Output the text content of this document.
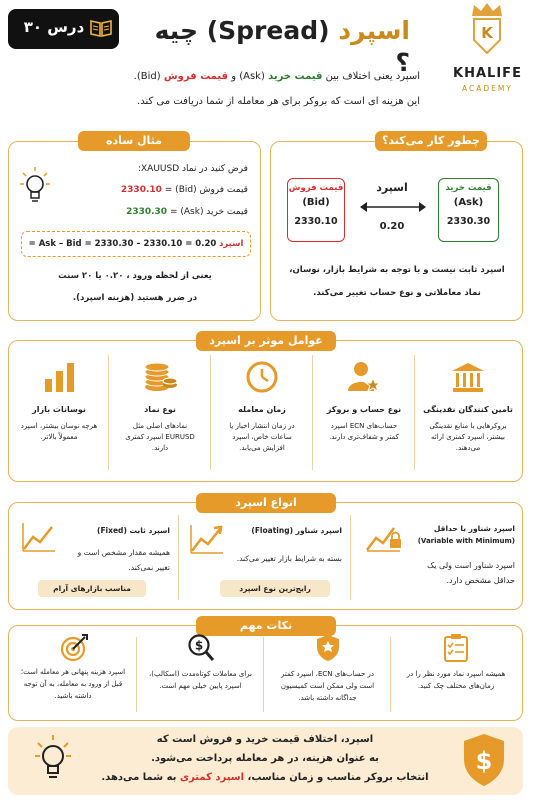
درس ۳۰	اسپرد (Spread) چیه ؟
K
KHALIFE
ACADEMY
اسپرد یعنی اختلاف بین قیمت خرید (Ask) و قیمت فروش (Bid).
این هزینه ای است که بروکر برای هر معامله از شما دریافت می کند.
چطور کار می‌کند؟
قیمت فروش
(Bid)
2330.10
اسپرد
0.20
قیمت خرید
(Ask)
2330.30
اسپرد ثابت نیست و با توجه به شرایط بازار، نوسان،
نماد معاملاتی و نوع حساب تغییر می‌کند.
مثال ساده
فرض کنید در نماد XAUUSD:
قیمت فروش (Bid) = 2330.10
قیمت خرید (Ask) = 2330.30
اسپرد = Ask – Bid = 2330.30 – 2330.10 = 0.20
یعنی از لحظه ورود ، ۰.۲۰ یا ۲۰ سنت
در ضرر هستید (هزینه اسپرد).
عوامل موثر بر اسپرد
تامین کنندگان نقدینگی
بروکرهایی با منابع نقدینگی بیشتر، اسپرد کمتری ارائه می‌دهند.
نوع حساب و بروکر
حساب‌های ECN اسپرد کمتر و شفاف‌تری دارند.
زمان معامله
در زمان انتشار اخبار یا ساعات خاص، اسپرد افزایش می‌یابد.
نوع نماد
نمادهای اصلی مثل EURUSD اسپرد کمتری دارند.
نوسانات بازار
هرچه نوسان بیشتر، اسپرد معمولاً بالاتر.
انواع اسپرد
اسپرد شناور با حداقل
(Variable with Minimum)
اسپرد شناور است ولی یک حداقل مشخص دارد.
اسپرد شناور (Floating)
بسته به شرایط بازار تغییر می‌کند.
رایج‌ترین نوع اسپرد
اسپرد ثابت (Fixed)
همیشه مقدار مشخص است و تغییر نمی‌کند.
مناسب بازارهای آرام
نکات مهم
همیشه اسپرد نماد مورد نظر را در زمان‌های مختلف چک کنید.
در حساب‌های ECN، اسپرد کمتر است ولی ممکن است کمیسیون جداگانه داشته باشد.
$
برای معاملات کوتاه‌مدت (اسکالپ)، اسپرد پایین خیلی مهم است.
اسپرد هزینه پنهانی هر معامله است؛ قبل از ورود به معامله، به آن توجه داشته باشید.
$
اسپرد، اختلاف قیمت خرید و فروش است که
به عنوان هزینه، در هر معامله پرداخت می‌شود.
انتخاب بروکر مناسب و زمان مناسب، اسپرد کمتری به شما می‌دهد.
